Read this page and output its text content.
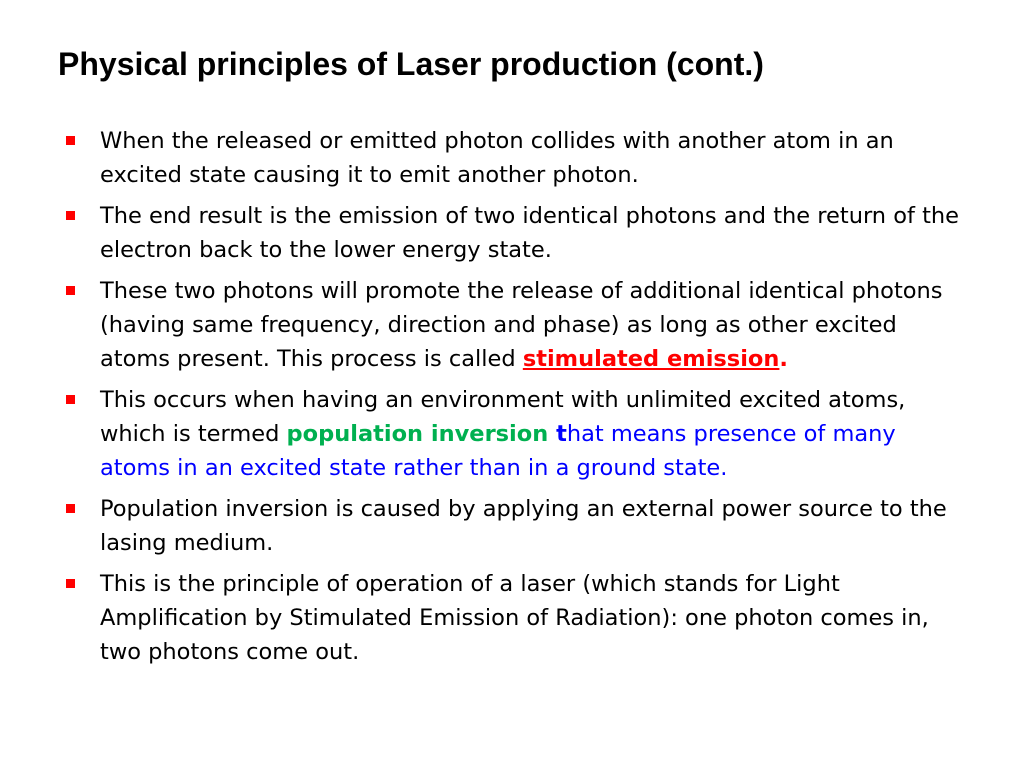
Physical principles of Laser production (cont.)
When the released or emitted photon collides with another atom in an excited state causing it to emit another photon.
The end result is the emission of two identical photons and the return of the electron back to the lower energy state.
These two photons will promote the release of additional identical photons (having same frequency, direction and phase) as long as other excited atoms present. This process is called stimulated emission.
This occurs when having an environment with unlimited excited atoms, which is termed population inversion that means presence of many atoms in an excited state rather than in a ground state.
Population inversion is caused by applying an external power source to the lasing medium.
This is the principle of operation of a laser (which stands for Light Amplification by Stimulated Emission of Radiation): one photon comes in, two photons come out.
